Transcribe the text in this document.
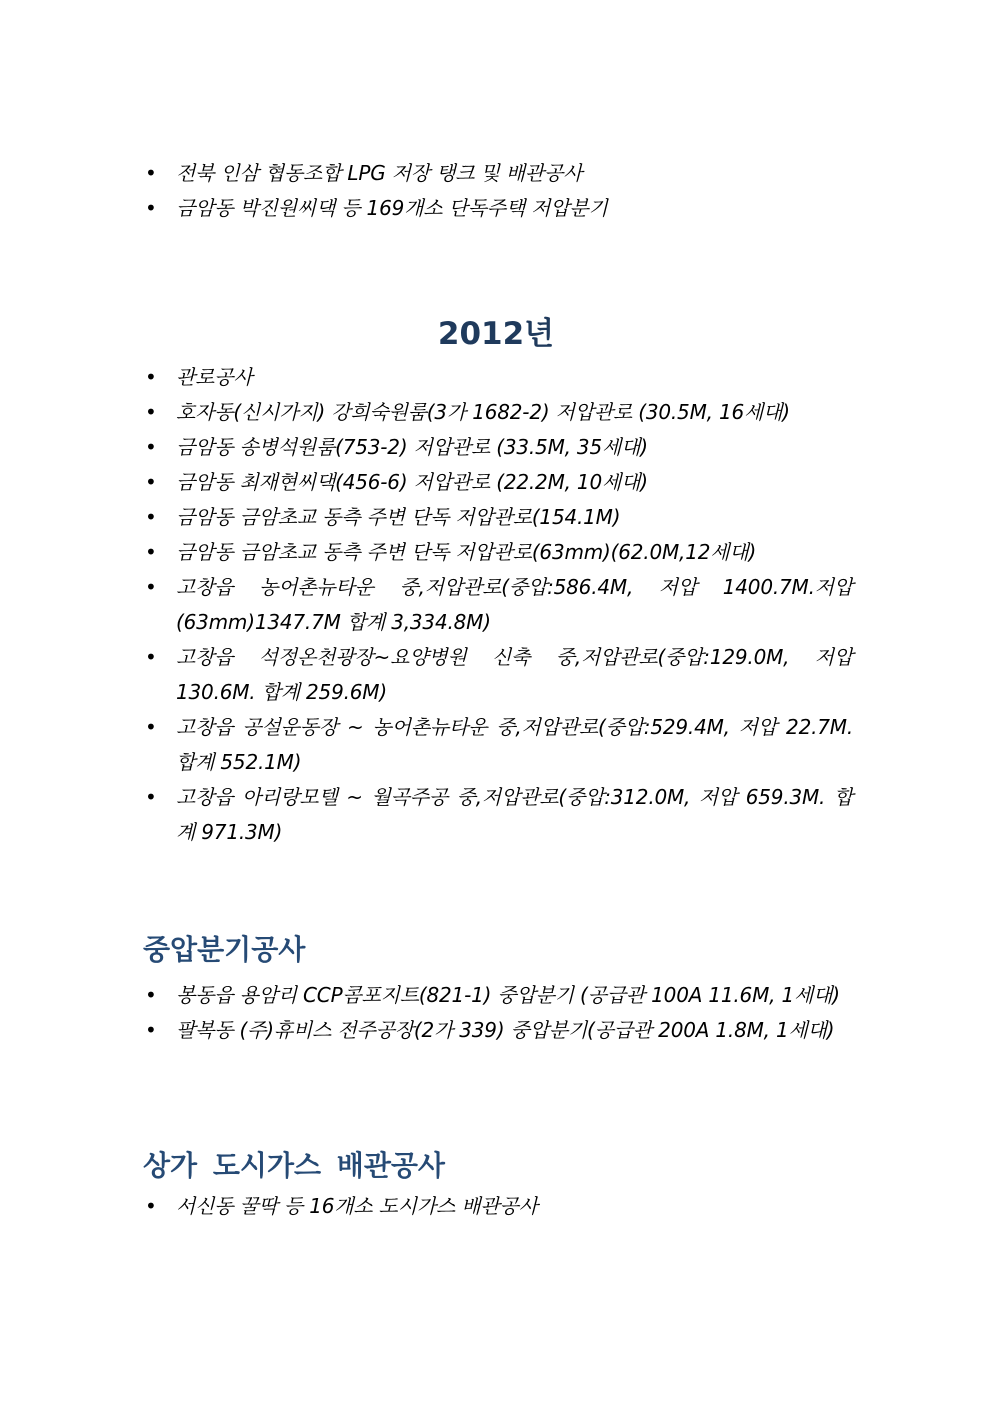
• 전북 인삼 협동조합 LPG 저장 탱크 및 배관공사
• 금암동 박진원씨댁 등 169개소 단독주택 저압분기
2012년
• 관로공사
• 호자동(신시가지) 강희숙원룸(3가 1682-2) 저압관로 (30.5M, 16세대)
• 금암동 송병석원룸(753-2) 저압관로 (33.5M, 35세대)
• 금암동 최재현씨댁(456-6) 저압관로 (22.2M, 10세대)
• 금암동 금암초교 동측 주변 단독 저압관로(154.1M)
• 금암동 금암초교 동측 주변 단독 저압관로(63mm)(62.0M,12세대)
• 고창읍 농어촌뉴타운 중,저압관로(중압:586.4M, 저압 1400.7M.저압(63mm)1347.7M 합계 3,334.8M)
• 고창읍 석정온천광장~요양병원 신축 중,저압관로(중압:129.0M, 저압 130.6M. 합계 259.6M)
• 고창읍 공설운동장 ~ 농어촌뉴타운 중,저압관로(중압:529.4M, 저압 22.7M. 합계 552.1M)
• 고창읍 아리랑모텔 ~ 월곡주공 중,저압관로(중압:312.0M, 저압 659.3M. 합계 971.3M)
중압분기공사
• 봉동읍 용암리 CCP콤포지트(821-1) 중압분기 (공급관 100A 11.6M, 1세대)
• 팔복동 (주)휴비스 전주공장(2가 339) 중압분기(공급관 200A 1.8M, 1세대)
상가 도시가스 배관공사
• 서신동 꿀딱 등 16개소 도시가스 배관공사
